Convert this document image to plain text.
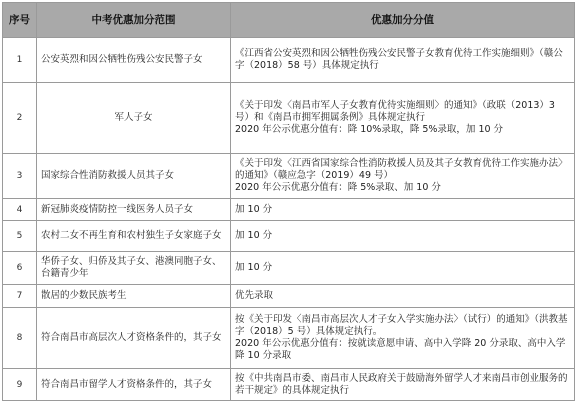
序号	中考优惠加分范围	优惠加分分值
1	公安英烈和因公牺牲伤残公安民警子女	《江西省公安英烈和因公牺牲伤残公安民警子女教育优待工作实施细则》（赣公字（2018）58 号）具体规定执行

2	军人子女	《关于印发〈南昌市军人子女教育优待实施细则〉的通知》（政联（2013）3 号）和《南昌市拥军拥属条例》具体规定执行
2020 年公示优惠分值有：降 10%录取，降 5%录取，加 10 分

3	国家综合性消防救援人员其子女	《关于印发〈江西省国家综合性消防救援人员及其子女教育优待工作实施办法〉的通知》（赣应急字（2019）49 号）
2020 年公示优惠分值有：降 5%录取、加 10 分

4	新冠肺炎疫情防控一线医务人员子女	加 10 分

5	农村二女不再生育和农村独生子女家庭子女	加 10 分

6	华侨子女、归侨及其子女、港澳同胞子女、台籍青少年	加 10 分

7	散居的少数民族考生	优先录取

8	符合南昌市高层次人才资格条件的，其子女	按《关于印发〈南昌市高层次人才子女入学实施办法〉（试行）的通知》（洪教基字（2018）5 号）具体规定执行。
2020 年公示优惠分值有：按就读意愿申请、高中入学降 20 分录取、高中入学降 10 分录取

9	符合南昌市留学人才资格条件的，其子女	按《中共南昌市委、南昌市人民政府关于鼓励海外留学人才来南昌市创业服务的若干规定》的具体规定执行
